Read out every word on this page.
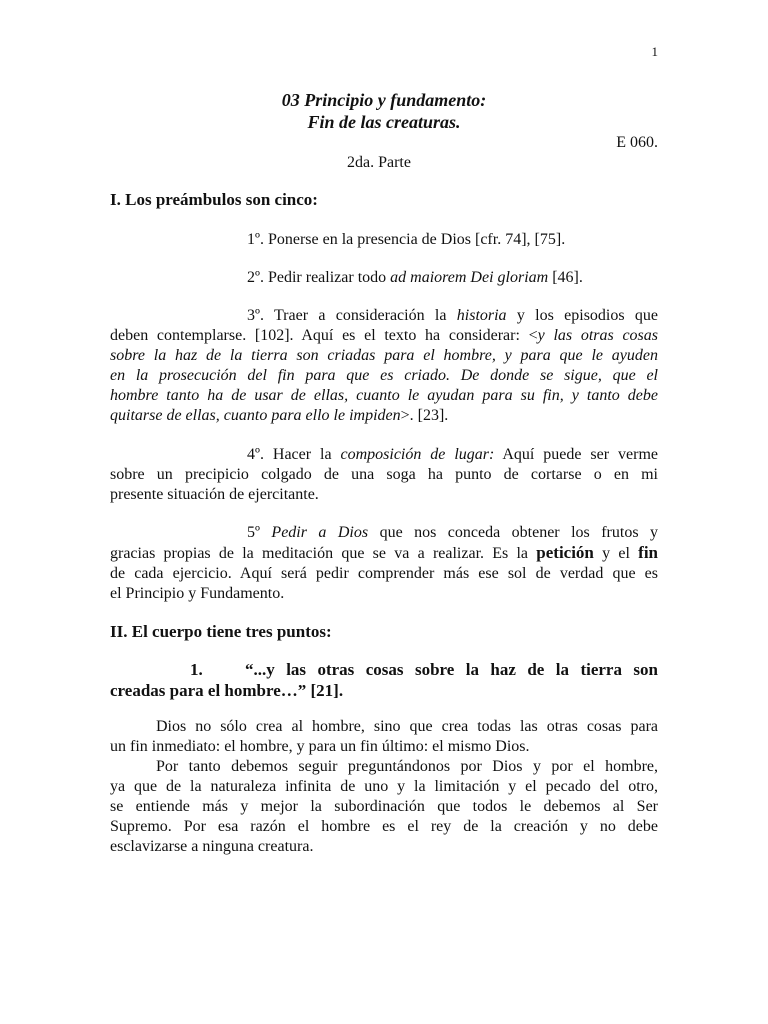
1
03 Principio y fundamento:
Fin de las creaturas.
E 060.
2da. Parte
I. Los preámbulos son cinco:
1º. Ponerse en la presencia de Dios [cfr. 74], [75].
2º. Pedir realizar todo ad maiorem Dei gloriam [46].
3º. Traer a consideración la historia y los episodios que
deben contemplarse. [102]. Aquí es el texto ha considerar: <y las otras cosas
sobre la haz de la tierra son criadas para el hombre, y para que le ayuden
en la prosecución del fin para que es criado. De donde se sigue, que el
hombre tanto ha de usar de ellas, cuanto le ayudan para su fin, y tanto debe
quitarse de ellas, cuanto para ello le impiden>. [23].
4º. Hacer la composición de lugar: Aquí puede ser verme
sobre un precipicio colgado de una soga ha punto de cortarse o en mi
presente situación de ejercitante.
5º Pedir a Dios que nos conceda obtener los frutos y
gracias propias de la meditación que se va a realizar. Es la petición y el fin
de cada ejercicio. Aquí será pedir comprender más ese sol de verdad que es
el Principio y Fundamento.
II. El cuerpo tiene tres puntos:
1.	“...y las otras cosas sobre la haz de la tierra son
creadas para el hombre…” [21].
Dios no sólo crea al hombre, sino que crea todas las otras cosas para
un fin inmediato: el hombre, y para un fin último: el mismo Dios.
Por tanto debemos seguir preguntándonos por Dios y por el hombre,
ya que de la naturaleza infinita de uno y la limitación y el pecado del otro,
se entiende más y mejor la subordinación que todos le debemos al Ser
Supremo. Por esa razón el hombre es el rey de la creación y no debe
esclavizarse a ninguna creatura.
